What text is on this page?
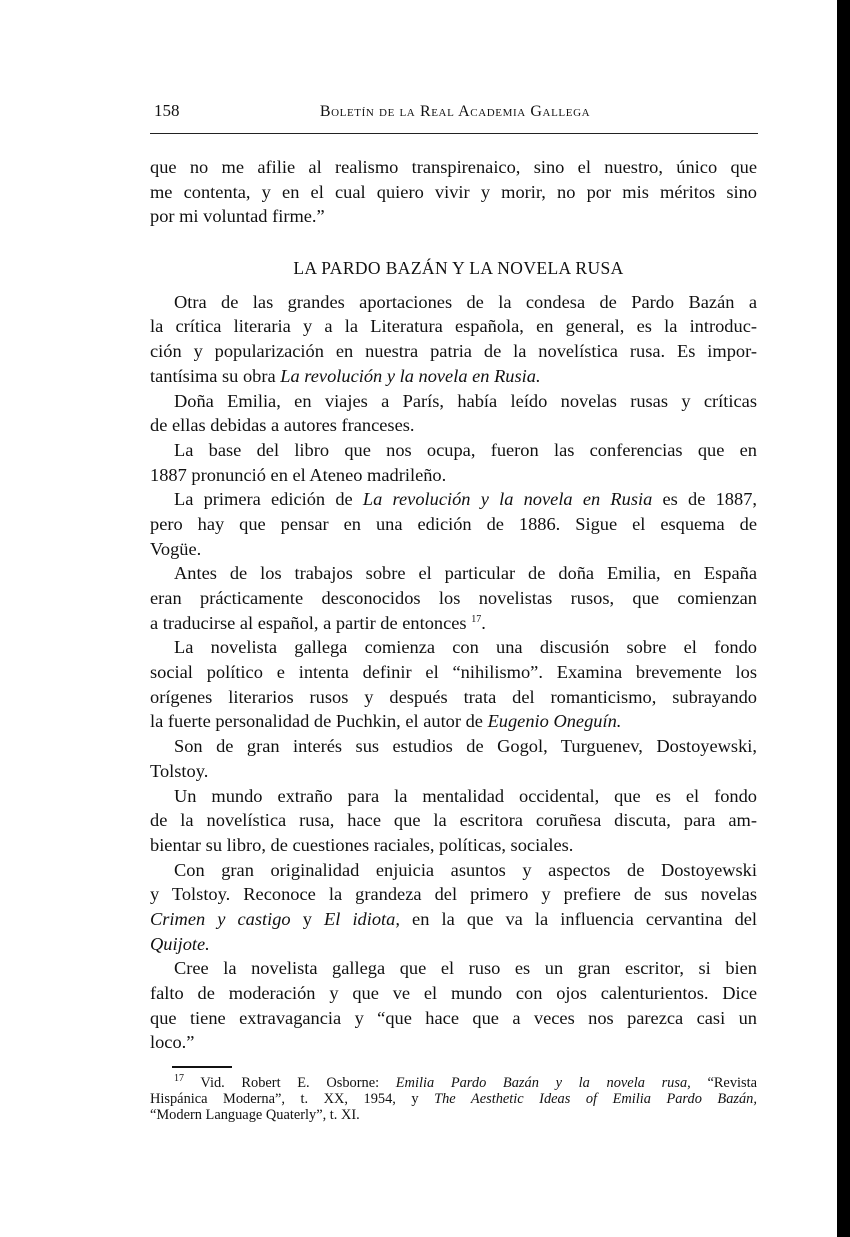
158	Boletín de la Real Academia Gallega
que no me afilie al realismo transpirenaico, sino el nuestro, único que
me contenta, y en el cual quiero vivir y morir, no por mis méritos sino
por mi voluntad firme.”
LA PARDO BAZÁN Y LA NOVELA RUSA
Otra de las grandes aportaciones de la condesa de Pardo Bazán a
la crítica literaria y a la Literatura española, en general, es la introduc-
ción y popularización en nuestra patria de la novelística rusa. Es impor-
tantísima su obra La revolución y la novela en Rusia.
Doña Emilia, en viajes a París, había leído novelas rusas y críticas
de ellas debidas a autores franceses.
La base del libro que nos ocupa, fueron las conferencias que en
1887 pronunció en el Ateneo madrileño.
La primera edición de La revolución y la novela en Rusia es de 1887,
pero hay que pensar en una edición de 1886. Sigue el esquema de
Vogüe.
Antes de los trabajos sobre el particular de doña Emilia, en España
eran prácticamente desconocidos los novelistas rusos, que comienzan
a traducirse al español, a partir de entonces $^{17}$.
La novelista gallega comienza con una discusión sobre el fondo
social político e intenta definir el “nihilismo”. Examina brevemente los
orígenes literarios rusos y después trata del romanticismo, subrayando
la fuerte personalidad de Puchkin, el autor de Eugenio Oneguín.
Son de gran interés sus estudios de Gogol, Turguenev, Dostoyewski,
Tolstoy.
Un mundo extraño para la mentalidad occidental, que es el fondo
de la novelística rusa, hace que la escritora coruñesa discuta, para am-
bientar su libro, de cuestiones raciales, políticas, sociales.
Con gran originalidad enjuicia asuntos y aspectos de Dostoyewski
y Tolstoy. Reconoce la grandeza del primero y prefiere de sus novelas
Crimen y castigo y El idiota, en la que va la influencia cervantina del
Quijote.
Cree la novelista gallega que el ruso es un gran escritor, si bien
falto de moderación y que ve el mundo con ojos calenturientos. Dice
que tiene extravagancia y “que hace que a veces nos parezca casi un
loco.”
$^{17}$ Vid. Robert E. Osborne: Emilia Pardo Bazán y la novela rusa, “Revista
Hispánica Moderna”, t. XX, 1954, y The Aesthetic Ideas of Emilia Pardo Bazán,
“Modern Language Quaterly”, t. XI.
